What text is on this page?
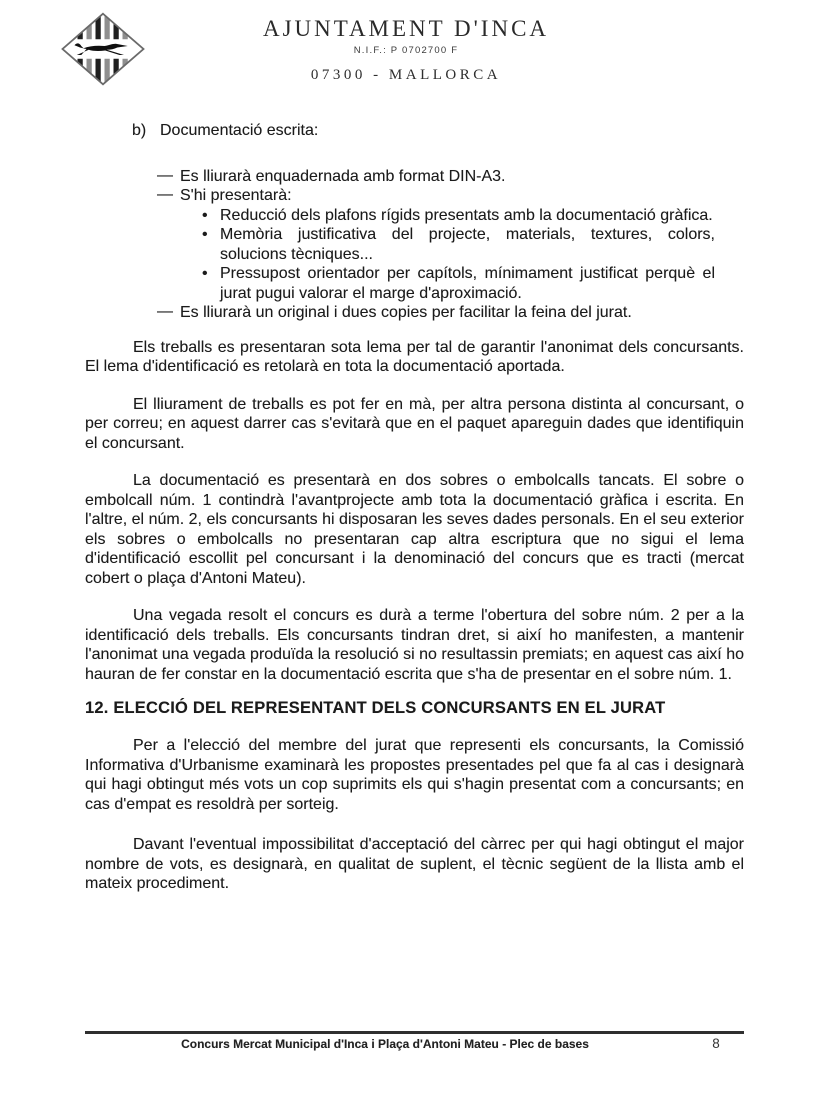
AJUNTAMENT D'INCA
N.I.F.: P 0702700 F
07300 - MALLORCA
b) Documentació escrita:
— Es lliurarà enquadernada amb format DIN-A3.
— S'hi presentarà:
• Reducció dels plafons rígids presentats amb la documentació gràfica.
• Memòria justificativa del projecte, materials, textures, colors, solucions tècniques...
• Pressupost orientador per capítols, mínimament justificat perquè el jurat pugui valorar el marge d'aproximació.
— Es lliurarà un original i dues copies per facilitar la feina del jurat.

Els treballs es presentaran sota lema per tal de garantir l'anonimat dels concursants. El lema d'identificació es retolarà en tota la documentació aportada.

El lliurament de treballs es pot fer en mà, per altra persona distinta al concursant, o per correu; en aquest darrer cas s'evitarà que en el paquet apareguin dades que identifiquin el concursant.

La documentació es presentarà en dos sobres o embolcalls tancats. El sobre o embolcall núm. 1 contindrà l'avantprojecte amb tota la documentació gràfica i escrita. En l'altre, el núm. 2, els concursants hi disposaran les seves dades personals. En el seu exterior els sobres o embolcalls no presentaran cap altra escriptura que no sigui el lema d'identificació escollit pel concursant i la denominació del concurs que es tracti (mercat cobert o plaça d'Antoni Mateu).

Una vegada resolt el concurs es durà a terme l'obertura del sobre núm. 2 per a la identificació dels treballs. Els concursants tindran dret, si així ho manifesten, a mantenir l'anonimat una vegada produïda la resolució si no resultassin premiats; en aquest cas així ho hauran de fer constar en la documentació escrita que s'ha de presentar en el sobre núm. 1.

12. ELECCIÓ DEL REPRESENTANT DELS CONCURSANTS EN EL JURAT

Per a l'elecció del membre del jurat que representi els concursants, la Comissió Informativa d'Urbanisme examinarà les propostes presentades pel que fa al cas i designarà qui hagi obtingut més vots un cop suprimits els qui s'hagin presentat com a concursants; en cas d'empat es resoldrà per sorteig.

Davant l'eventual impossibilitat d'acceptació del càrrec per qui hagi obtingut el major nombre de vots, es designarà, en qualitat de suplent, el tècnic següent de la llista amb el mateix procediment.

Concurs Mercat Municipal d'Inca i Plaça d'Antoni Mateu - Plec de bases	8
